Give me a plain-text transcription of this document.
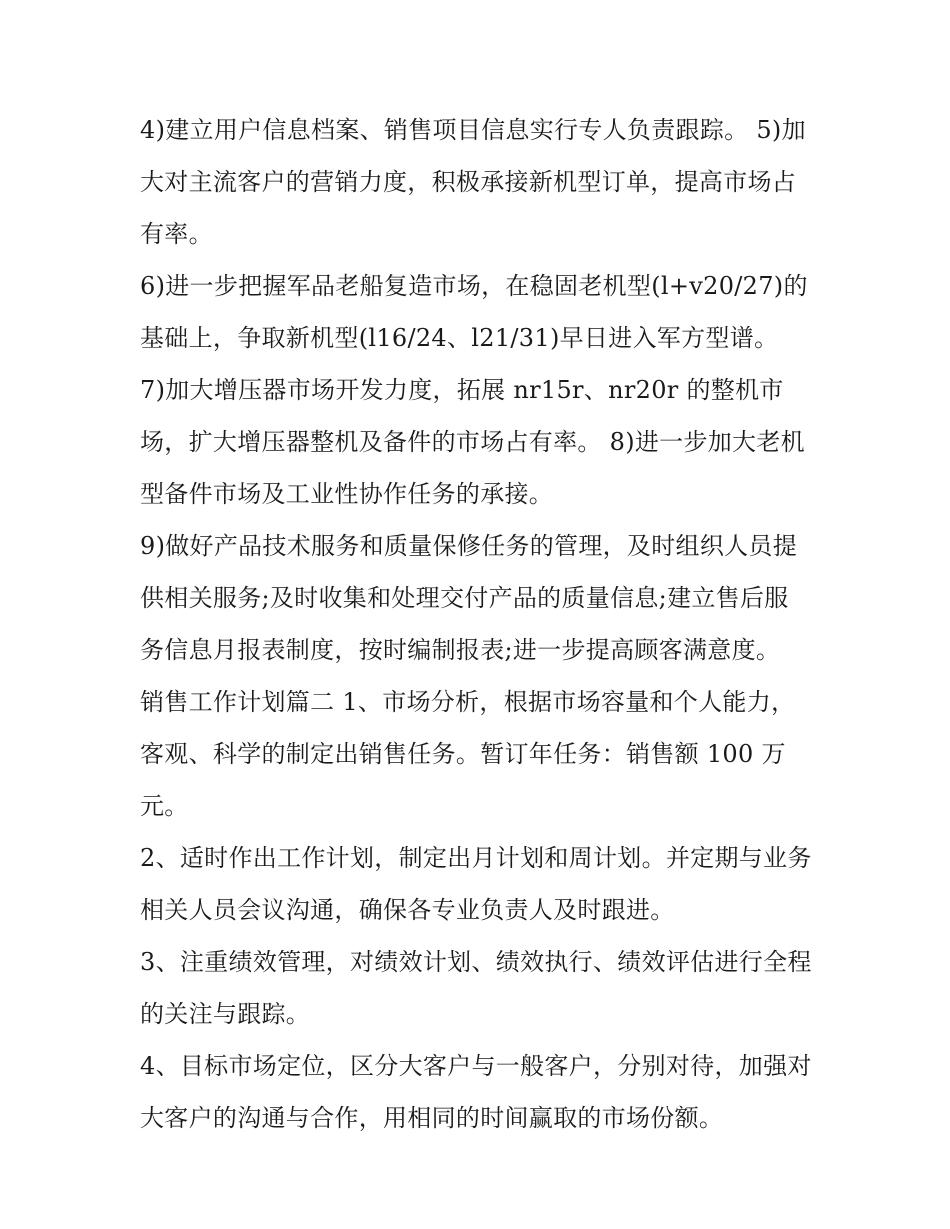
4)建立用户信息档案、销售项目信息实行专人负责跟踪。 5)加大对主流客户的营销力度，积极承接新机型订单，提高市场占有率。

6)进一步把握军品老船复造市场，在稳固老机型(l+v20/27)的基础上，争取新机型(l16/24、l21/31)早日进入军方型谱。

7)加大增压器市场开发力度，拓展 nr15r、nr20r 的整机市场，扩大增压器整机及备件的市场占有率。 8)进一步加大老机型备件市场及工业性协作任务的承接。

9)做好产品技术服务和质量保修任务的管理，及时组织人员提供相关服务;及时收集和处理交付产品的质量信息;建立售后服务信息月报表制度，按时编制报表;进一步提高顾客满意度。

销售工作计划篇二 1、市场分析，根据市场容量和个人能力，客观、科学的制定出销售任务。暂订年任务：销售额 100 万元。

2、适时作出工作计划，制定出月计划和周计划。并定期与业务相关人员会议沟通，确保各专业负责人及时跟进。

3、注重绩效管理，对绩效计划、绩效执行、绩效评估进行全程的关注与跟踪。

4、目标市场定位，区分大客户与一般客户，分别对待，加强对大客户的沟通与合作，用相同的时间赢取的市场份额。
